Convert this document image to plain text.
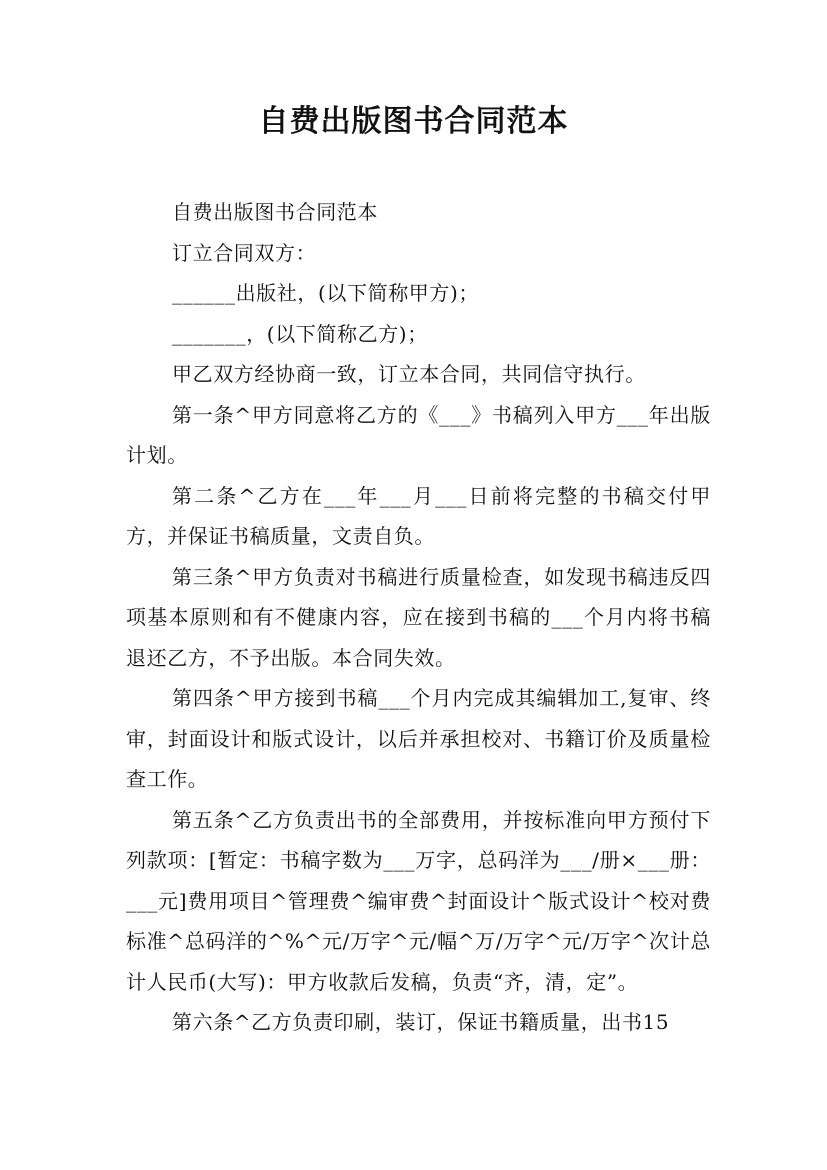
自费出版图书合同范本

自费出版图书合同范本

订立合同双方：

______出版社，(以下简称甲方)；

_______，(以下简称乙方)；

甲乙双方经协商一致，订立本合同，共同信守执行。

第一条^甲方同意将乙方的《___》书稿列入甲方___年出版计划。

第二条^乙方在___年___月___日前将完整的书稿交付甲方，并保证书稿质量，文责自负。

第三条^甲方负责对书稿进行质量检查，如发现书稿违反四项基本原则和有不健康内容，应在接到书稿的___个月内将书稿退还乙方，不予出版。本合同失效。

第四条^甲方接到书稿___个月内完成其编辑加工,复审、终审，封面设计和版式设计，以后并承担校对、书籍订价及质量检查工作。

第五条^乙方负责出书的全部费用，并按标准向甲方预付下列款项：[暂定：书稿字数为___万字，总码洋为___/册×___册：___元]费用项目^管理费^编审费^封面设计^版式设计^校对费标准^总码洋的^%^元/万字^元/幅^万/万字^元/万字^次计总计人民币(大写)：甲方收款后发稿，负责“齐，清，定”。

第六条^乙方负责印刷，装订，保证书籍质量，出书15
